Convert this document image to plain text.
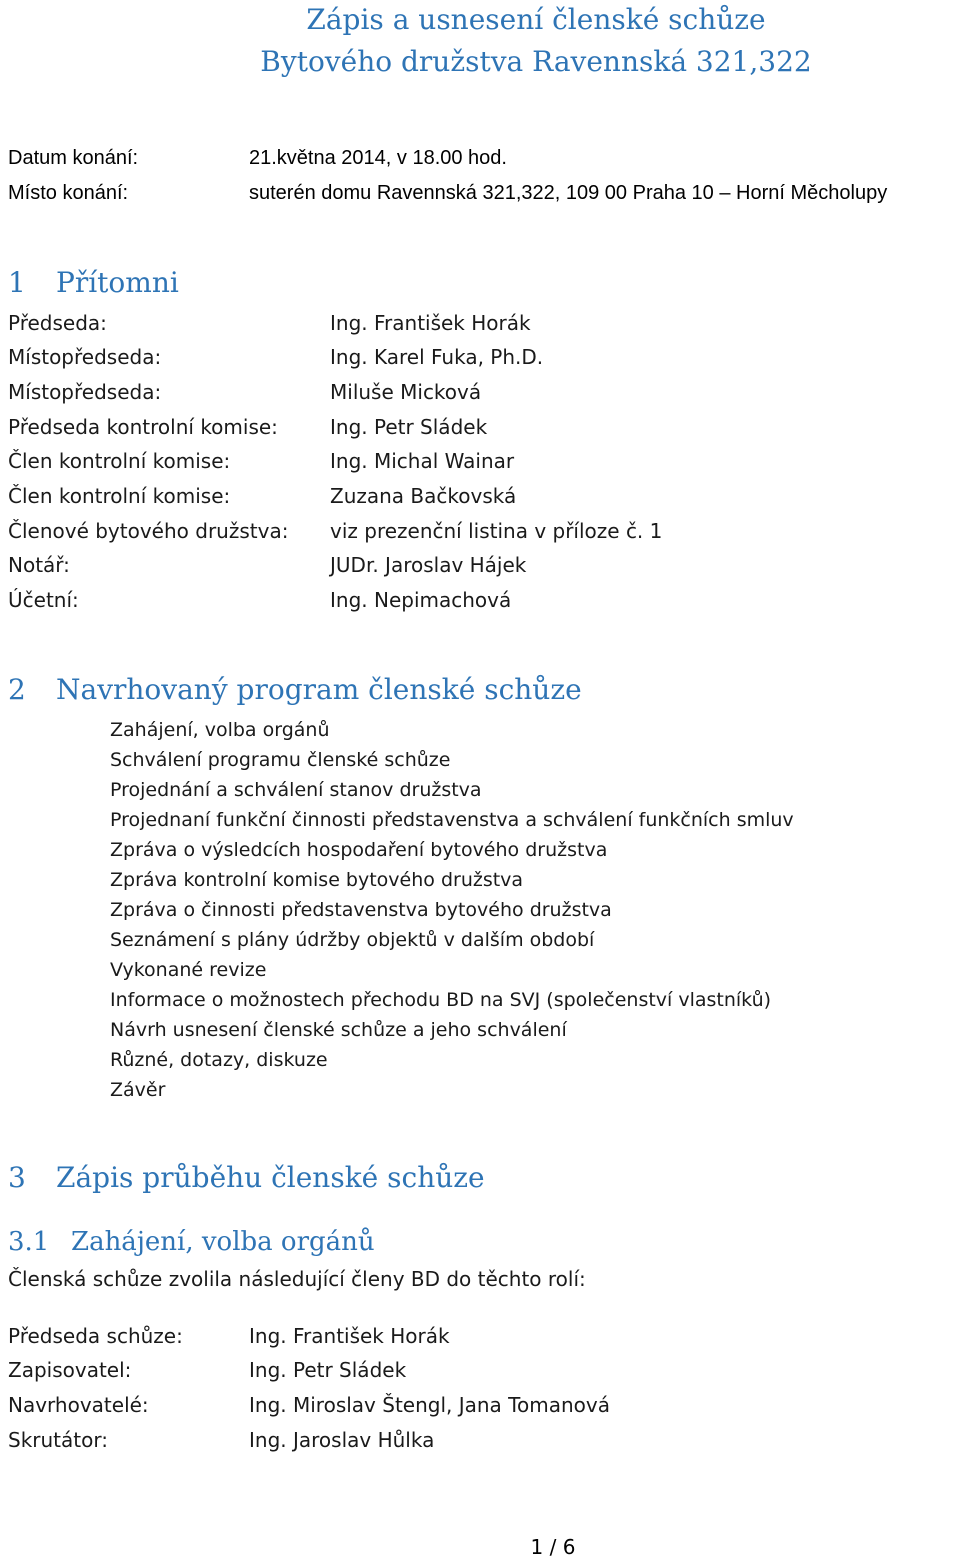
Zápis a usnesení členské schůze
Bytového družstva Ravennská 321,322
Datum konání:	21.května 2014, v 18.00 hod.
Místo konání:	suterén domu Ravennská 321,322, 109 00 Praha 10 – Horní Měcholupy
1 Přítomni
Předseda:	Ing. František Horák
Místopředseda:	Ing. Karel Fuka, Ph.D.
Místopředseda:	Miluše Micková
Předseda kontrolní komise:	Ing. Petr Sládek
Člen kontrolní komise:	Ing. Michal Wainar
Člen kontrolní komise:	Zuzana Bačkovská
Členové bytového družstva: viz prezenční listina v příloze č. 1
Notář:	JUDr. Jaroslav Hájek
Účetní:	Ing. Nepimachová
2 Navrhovaný program členské schůze
Zahájení, volba orgánů
Schválení programu členské schůze
Projednání a schválení stanov družstva
Projednaní funkční činnosti představenstva a schválení funkčních smluv
Zpráva o výsledcích hospodaření bytového družstva
Zpráva kontrolní komise bytového družstva
Zpráva o činnosti představenstva bytového družstva
Seznámení s plány údržby objektů v dalším období
Vykonané revize
Informace o možnostech přechodu BD na SVJ (společenství vlastníků)
Návrh usnesení členské schůze a jeho schválení
Různé, dotazy, diskuze
Závěr
3 Zápis průběhu členské schůze
3.1 Zahájení, volba orgánů
Členská schůze zvolila následující členy BD do těchto rolí:
Předseda schůze:	Ing. František Horák
Zapisovatel:	Ing. Petr Sládek
Navrhovatelé:	Ing. Miroslav Štengl, Jana Tomanová
Skrutátor:	Ing. Jaroslav Hůlka
1 / 6
